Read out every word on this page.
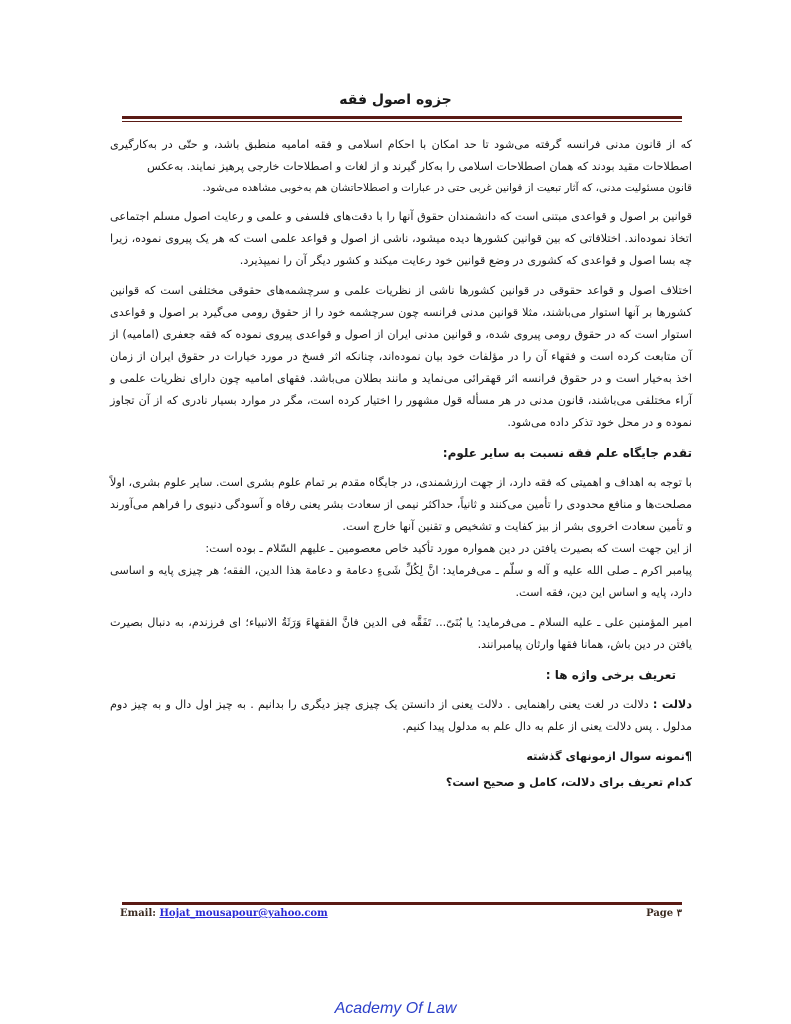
جزوه اصول فقه

که از قانون مدنی فرانسه گرفته می‌شود تا حد امکان با احکام اسلامی و فقه امامیه منطبق باشد، و حتّی در به‌کارگیری اصطلاحات مقید بودند که همان اصطلاحات اسلامی را به‌کار گیرند و از لغات و اصطلاحات خارجی پرهیز نمایند. به‌عکس

قانون مسئولیت مدنی، که آثار تبعیت از قوانین غربی حتی در عبارات و اصطلاحاتشان هم به‌خوبی مشاهده می‌شود.

قوانین بر اصول و قواعدی مبتنی است که دانشمندان حقوق آنها را با دقت‌های فلسفی و علمی و رعایت اصول مسلم اجتماعی اتخاذ نموده‌اند. اختلافاتی که بین قوانین کشورها دیده میشود، ناشی از اصول و قواعد علمی است که هر یک پیروی نموده، زیرا چه بسا اصول و قواعدی که کشوری در وضع قوانین خود رعایت میکند و کشور دیگر آن را نمیپذیرد.

اختلاف اصول و قواعد حقوقی در قوانین کشورها ناشی از نظریات علمی و سرچشمه‌های حقوقی مختلفی است که قوانین کشورها بر آنها استوار می‌باشند، مثلا قوانین مدنی فرانسه چون سرچشمه خود را از حقوق رومی می‌گیرد بر اصول و قواعدی استوار است که در حقوق رومی پیروی شده، و قوانین مدنی ایران از اصول و قواعدی پیروی نموده که فقه جعفری (امامیه) از آن متابعت کرده است و فقهاء آن را در مؤلفات خود بیان نموده‌اند، چنانکه اثر فسخ در مورد خیارات در حقوق ایران از زمان اخذ به‌خیار است و در حقوق فرانسه اثر قهقرائی می‌نماید و مانند بطلان می‌باشد. فقهای امامیه چون دارای نظریات علمی و آراء مختلفی می‌باشند، قانون مدنی در هر مسأله قول مشهور را اختیار کرده است، مگر در موارد بسیار نادری که از آن تجاوز نموده و در محل خود تذکر داده می‌شود.

تقدم جایگاه علم فقه نسبت به سایر علوم:

با توجه به اهداف و اهمیتی که فقه دارد، از جهت ارزشمندی، در جایگاه مقدم بر تمام علوم بشری است. سایر علوم بشری، اولاً مصلحت‌ها و منافع محدودی را تأمین می‌کنند و ثانیاً، حداکثر نیمی از سعادت بشر یعنی رفاه و آسودگی دنیوی را فراهم می‌آورند و تأمین سعادت اخروی بشر از بیز کفایت و تشخیص و تقنین آنها خارج است.

از این جهت است که بصیرت یافتن در دین همواره مورد تأکید خاص معصومین ـ علیهم السّلام ـ بوده است:

پیامبر اکرم ـ صلی الله علیه و آله و سلّم ـ می‌فرماید: انَّ لِکُلِّ شَیءٍ دعامة و دعامة هذا الدین، الفقه؛ هر چیزی پایه و اساسی دارد، پایه و اساس این دین، فقه است.

امیر المؤمنین علی ـ علیه السلام ـ می‌فرماید: یا بُنَیّ... تَفَقَّه فی الدین فانَّ الفقهاءَ وَرَثَةُ الانبیاء؛ ای فرزندم، به دنبال بصیرت یافتن در دین باش، همانا فقها وارثان پیامبرانند.

تعریف برخی واژه ها :

دلالت : دلالت در لغت یعنی راهنمایی . دلالت یعنی از دانستن یک چیزی چیز دیگری را بدانیم . به چیز اول دال و به چیز دوم مدلول . پس دلالت یعنی از علم به دال علم به مدلول پیدا کنیم.

¶نمونه سوال ازمونهای گذشته
کدام تعریف برای دلالت، کامل و صحیح است؟
Email: Hojat_mousapour@yahoo.com	Page ۳
Academy Of Law
